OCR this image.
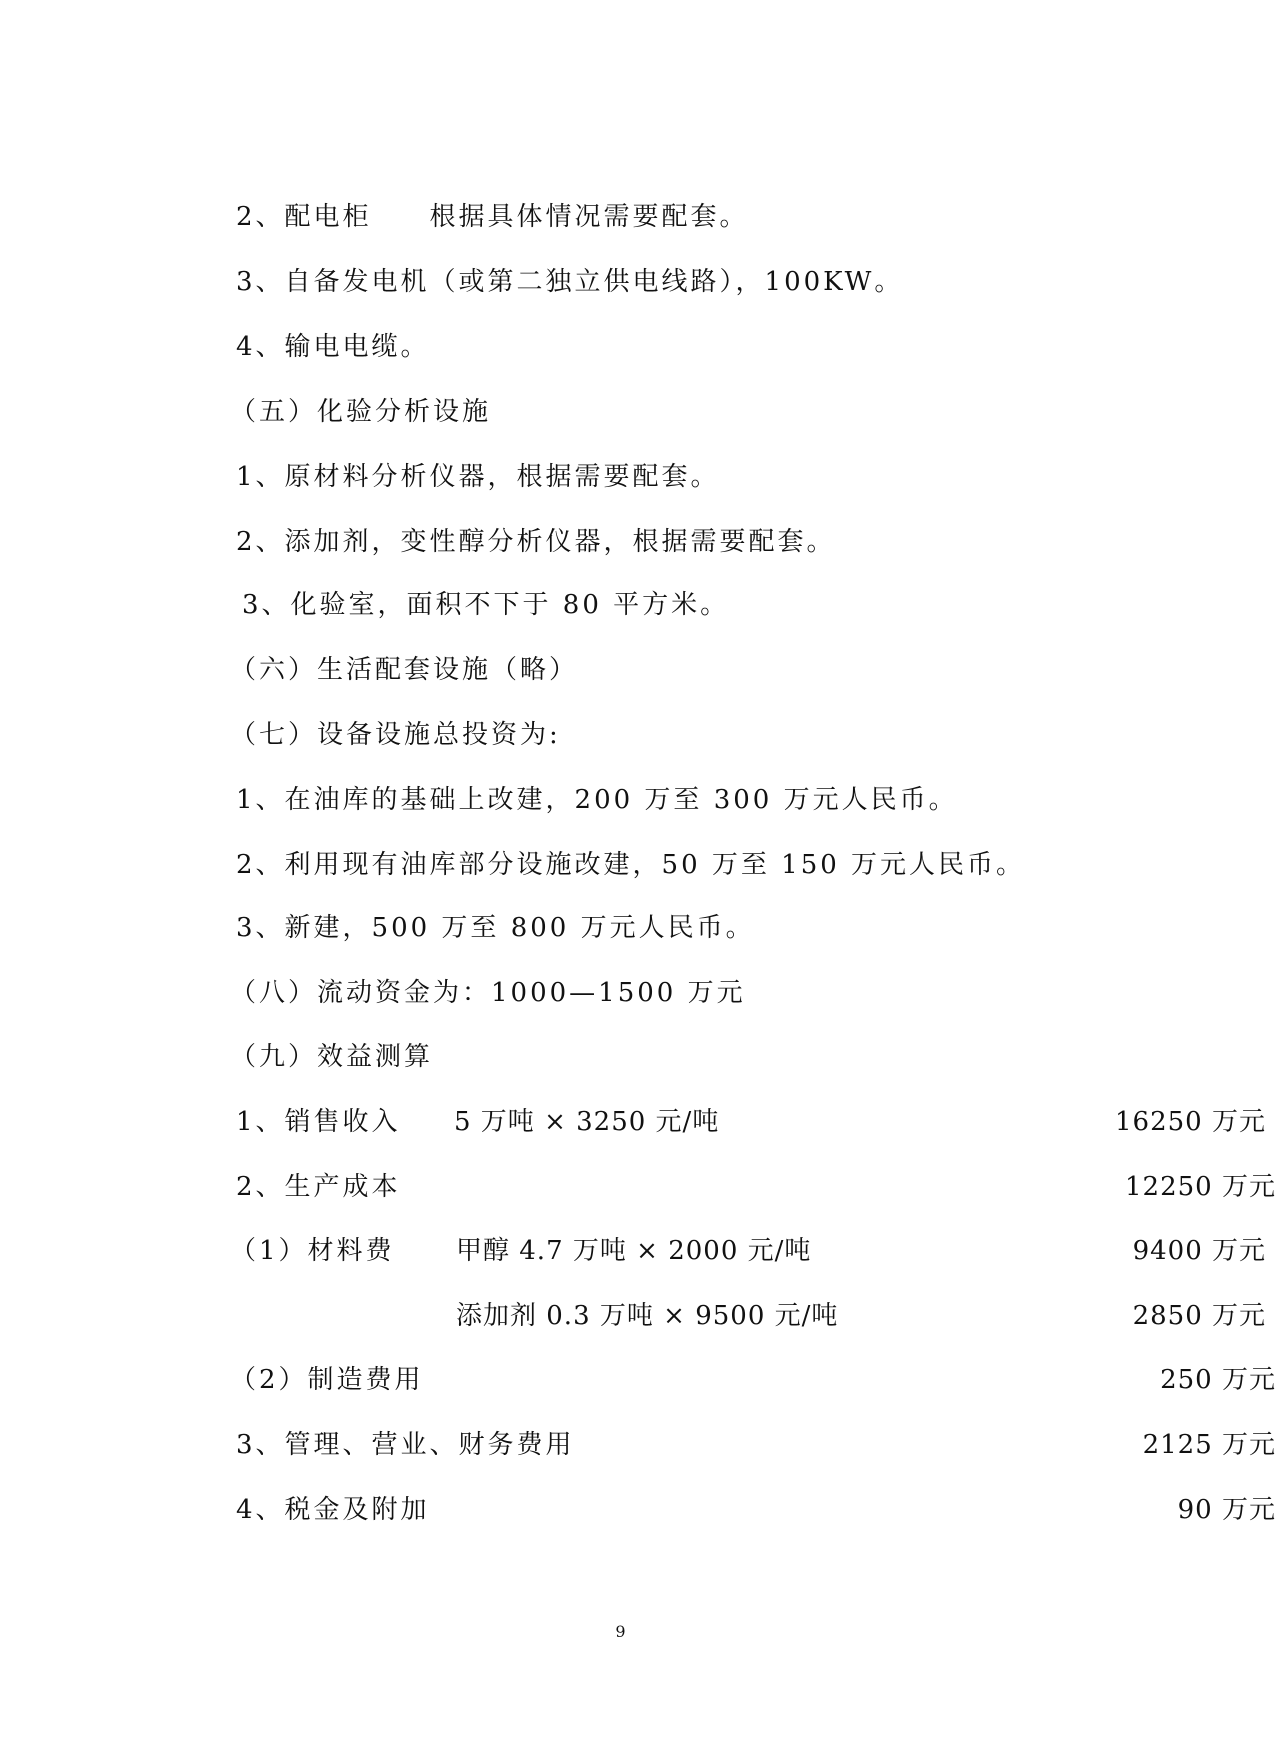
2、配电柜　　根据具体情况需要配套。
3、自备发电机（或第二独立供电线路），100KW。
4、输电电缆。
（五）化验分析设施
1、原材料分析仪器，根据需要配套。
2、添加剂，变性醇分析仪器，根据需要配套。
3、化验室，面积不下于 80 平方米。
（六）生活配套设施（略）
（七）设备设施总投资为:
1、在油库的基础上改建，200 万至 300 万元人民币。
2、利用现有油库部分设施改建，50 万至 150 万元人民币。
3、新建，500 万至 800 万元人民币。
（八）流动资金为：1000—1500 万元
（九）效益测算
1、销售收入 5 万吨 × 3250 元/吨	16250 万元
2、生产成本	12250 万元
（1）材料费 甲醇 4.7 万吨 × 2000 元/吨	9400 万元
添加剂 0.3 万吨 × 9500 元/吨	2850 万元
（2）制造费用	250 万元
3、管理、营业、财务费用	2125 万元
4、税金及附加	90 万元
9
